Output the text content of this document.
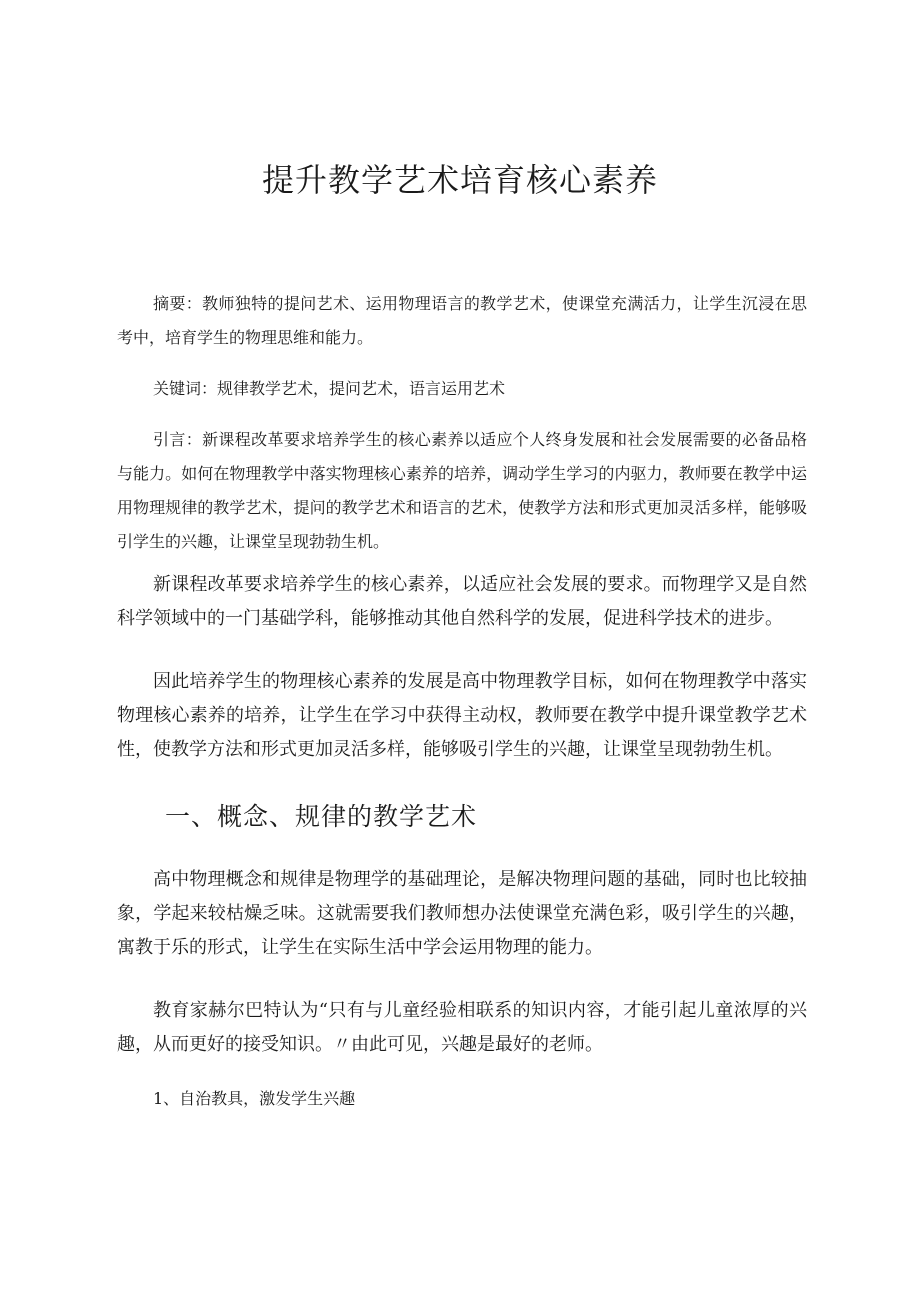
提升教学艺术培育核心素养

摘要：教师独特的提问艺术、运用物理语言的教学艺术，使课堂充满活力，让学生沉浸在思考中，培育学生的物理思维和能力。

关键词：规律教学艺术，提问艺术，语言运用艺术

引言：新课程改革要求培养学生的核心素养以适应个人终身发展和社会发展需要的必备品格与能力。如何在物理教学中落实物理核心素养的培养，调动学生学习的内驱力，教师要在教学中运用物理规律的教学艺术，提问的教学艺术和语言的艺术，使教学方法和形式更加灵活多样，能够吸引学生的兴趣，让课堂呈现勃勃生机。

新课程改革要求培养学生的核心素养，以适应社会发展的要求。而物理学又是自然科学领域中的一门基础学科，能够推动其他自然科学的发展，促进科学技术的进步。

因此培养学生的物理核心素养的发展是高中物理教学目标，如何在物理教学中落实物理核心素养的培养，让学生在学习中获得主动权，教师要在教学中提升课堂教学艺术性，使教学方法和形式更加灵活多样，能够吸引学生的兴趣，让课堂呈现勃勃生机。

一、概念、规律的教学艺术

高中物理概念和规律是物理学的基础理论，是解决物理问题的基础，同时也比较抽象，学起来较枯燥乏味。这就需要我们教师想办法使课堂充满色彩，吸引学生的兴趣，寓教于乐的形式，让学生在实际生活中学会运用物理的能力。

教育家赫尔巴特认为“只有与儿童经验相联系的知识内容，才能引起儿童浓厚的兴趣，从而更好的接受知识。〃由此可见，兴趣是最好的老师。

1、自治教具，激发学生兴趣
